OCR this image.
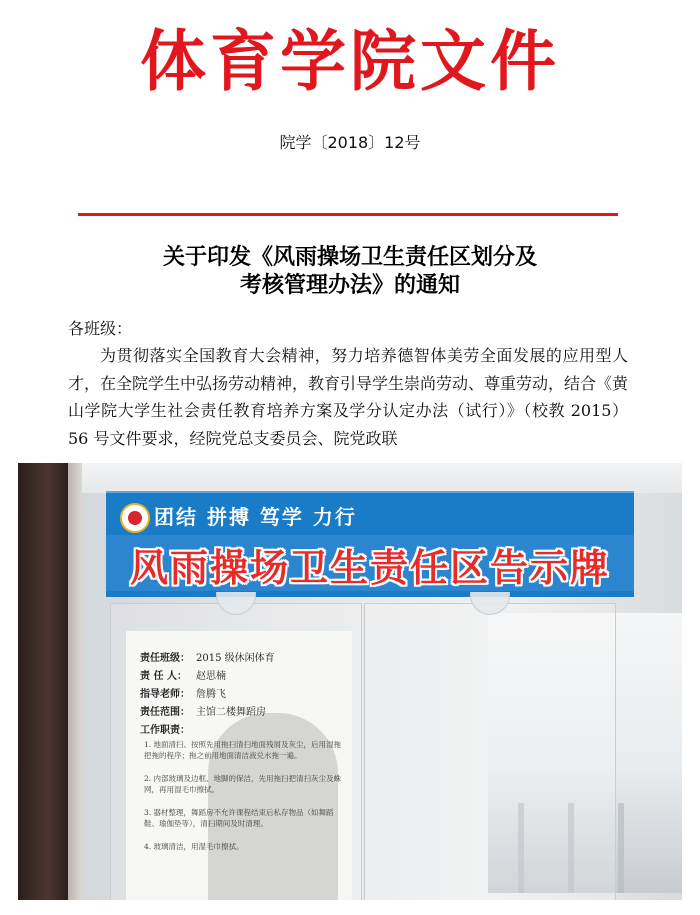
体育学院文件
院学〔2018〕12号
关于印发《风雨操场卫生责任区划分及
考核管理办法》的通知
各班级：
为贯彻落实全国教育大会精神，努力培养德智体美劳全面发展的应用型人才，在全院学生中弘扬劳动精神，教育引导学生崇尚劳动、尊重劳动，结合《黄山学院大学生社会责任教育培养方案及学分认定办法（试行）》（校教 2015）56 号文件要求，经院党总支委员会、院党政联
团结 拼搏 笃学 力行
风雨操场卫生责任区告示牌
责任班级： 2015 级休闲体育
责 任 人： 赵思楠
指导老师： 詹腾飞
责任范围： 主馆二楼舞蹈房
工作职责：
1. 地面清扫、按照先用拖扫清扫地面残屑及灰尘，后用湿拖把拖的程序；拖之前用地面清洁液兑水拖一遍。
2. 内部玻璃及边框、地脚的保洁，先用拖扫把清扫灰尘及蛛网，再用湿毛巾擦拭。
3. 器材整理，舞蹈房不允许课程结束后私存物品（如舞蹈鞋、瑜伽垫等），清扫期间及时清理。
4. 玻璃清洁，用湿毛巾擦拭。
